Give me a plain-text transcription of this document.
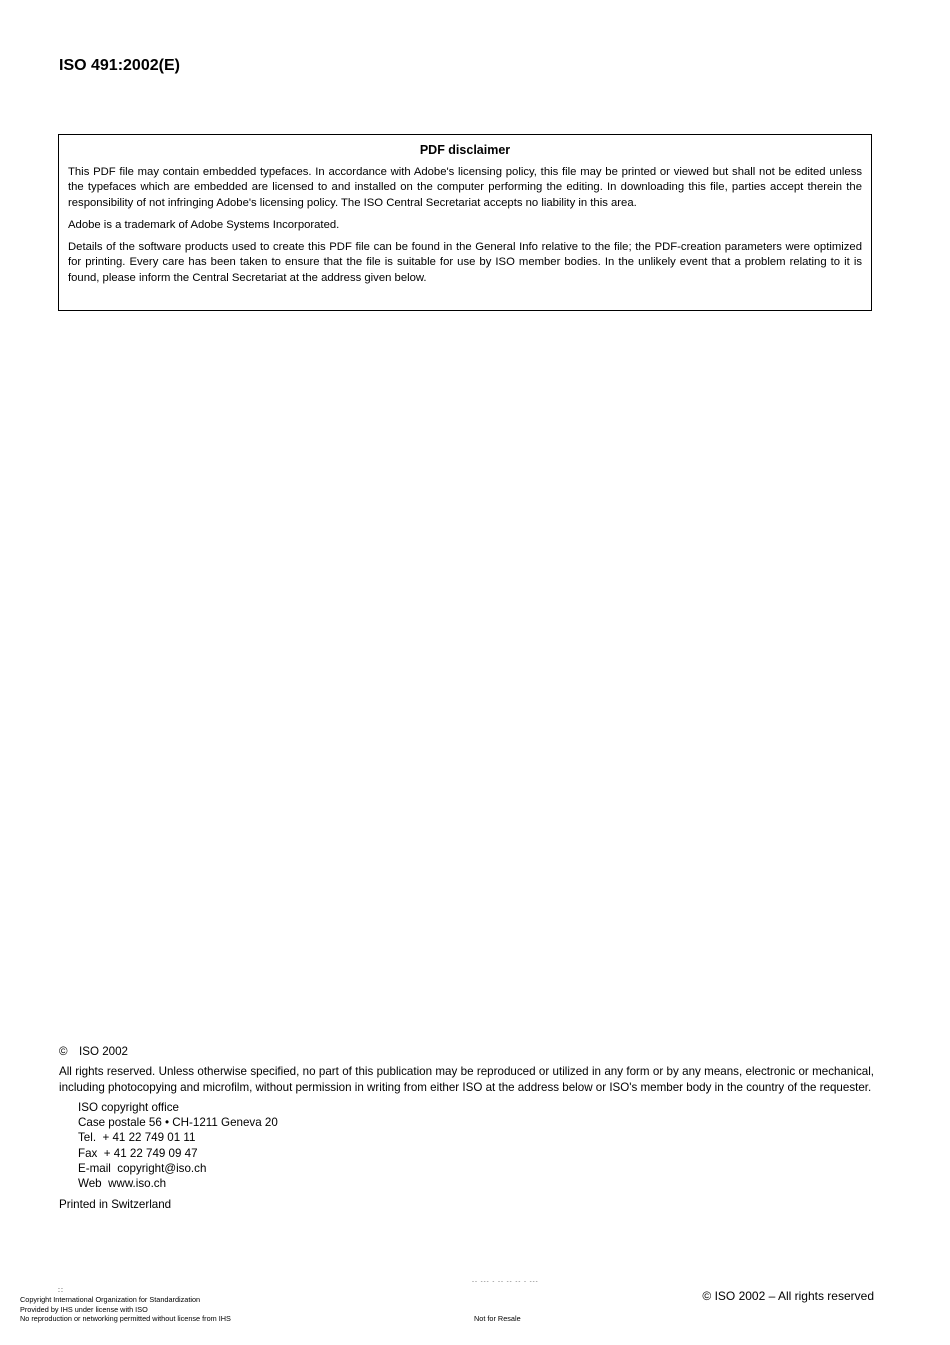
ISO 491:2002(E)

PDF disclaimer

This PDF file may contain embedded typefaces. In accordance with Adobe's licensing policy, this file may be printed or viewed but shall not be edited unless the typefaces which are embedded are licensed to and installed on the computer performing the editing. In downloading this file, parties accept therein the responsibility of not infringing Adobe's licensing policy. The ISO Central Secretariat accepts no liability in this area.

Adobe is a trademark of Adobe Systems Incorporated.

Details of the software products used to create this PDF file can be found in the General Info relative to the file; the PDF-creation parameters were optimized for printing. Every care has been taken to ensure that the file is suitable for use by ISO member bodies. In the unlikely event that a problem relating to it is found, please inform the Central Secretariat at the address given below.

© ISO 2002

All rights reserved. Unless otherwise specified, no part of this publication may be reproduced or utilized in any form or by any means, electronic or mechanical, including photocopying and microfilm, without permission in writing from either ISO at the address below or ISO's member body in the country of the requester.

ISO copyright office
Case postale 56 • CH-1211 Geneva 20
Tel.  + 41 22 749 01 11
Fax  + 41 22 749 09 47
E-mail  copyright@iso.ch
Web  www.iso.ch

Printed in Switzerland

::
Copyright International Organization for Standardization
Provided by IHS under license with ISO
No reproduction or networking permitted without license from IHS
-- --- - -- -- -- - ---
Not for Resale
© ISO 2002 – All rights reserved
